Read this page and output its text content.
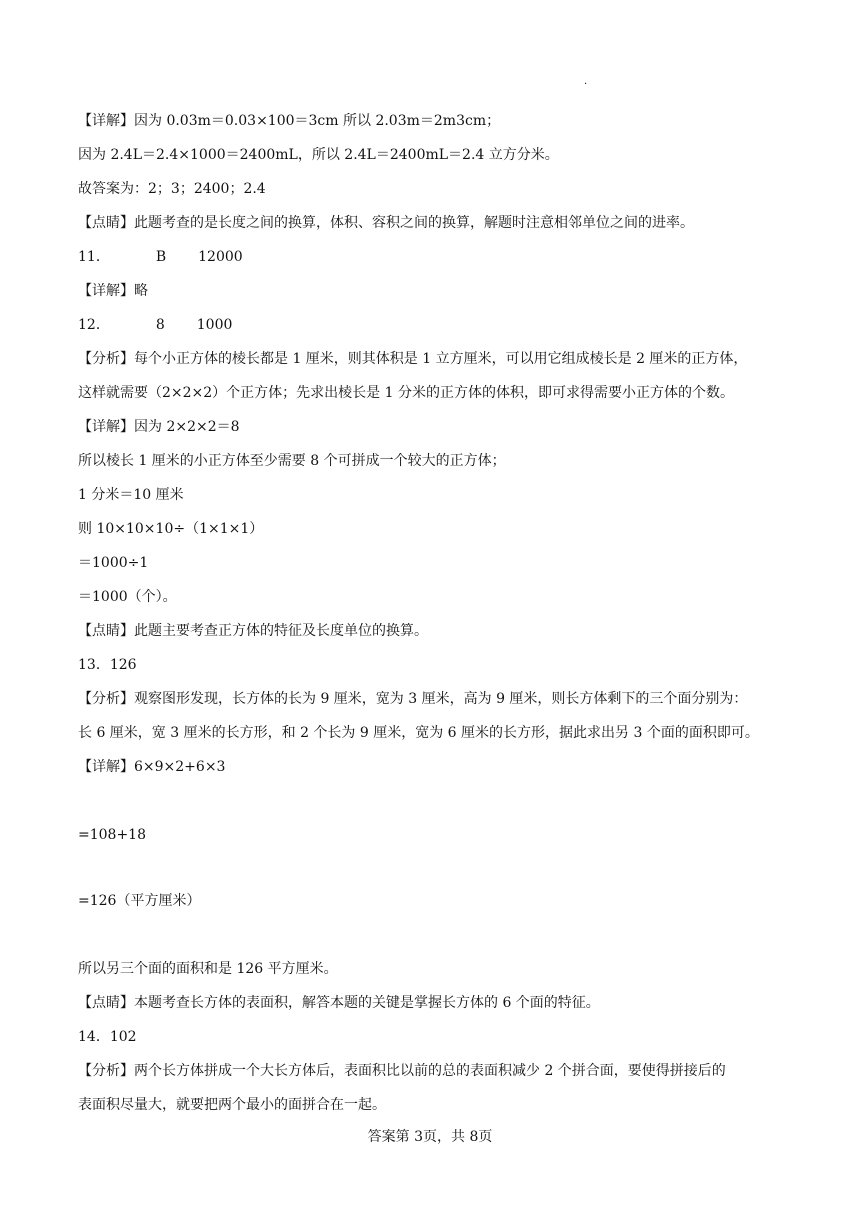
·
【详解】因为 0.03m＝0.03×100＝3cm 所以 2.03m＝2m3cm；
因为 2.4L＝2.4×1000＝2400mL，所以 2.4L＝2400mL＝2.4 立方分米。
故答案为：2；3；2400；2.4
【点睛】此题考查的是长度之间的换算，体积、容积之间的换算，解题时注意相邻单位之间的进率。
11．	B 12000
【详解】略
12．	8 1000
【分析】每个小正方体的棱长都是 1 厘米，则其体积是 1 立方厘米，可以用它组成棱长是 2 厘米的正方体，
这样就需要（2×2×2）个正方体；先求出棱长是 1 分米的正方体的体积，即可求得需要小正方体的个数。
【详解】因为 2×2×2＝8
所以棱长 1 厘米的小正方体至少需要 8 个可拼成一个较大的正方体；
1 分米＝10 厘米
则 10×10×10÷（1×1×1）
＝1000÷1
＝1000（个）。
【点睛】此题主要考查正方体的特征及长度单位的换算。
13．126
【分析】观察图形发现，长方体的长为 9 厘米，宽为 3 厘米，高为 9 厘米，则长方体剩下的三个面分别为：
长 6 厘米，宽 3 厘米的长方形，和 2 个长为 9 厘米，宽为 6 厘米的长方形，据此求出另 3 个面的面积即可。
【详解】6×9×2+6×3
=108+18
=126（平方厘米）
所以另三个面的面积和是 126 平方厘米。
【点睛】本题考查长方体的表面积，解答本题的关键是掌握长方体的 6 个面的特征。
14．102
【分析】两个长方体拼成一个大长方体后，表面积比以前的总的表面积减少 2 个拼合面，要使得拼接后的
表面积尽量大，就要把两个最小的面拼合在一起。
答案第 3页，共 8页
